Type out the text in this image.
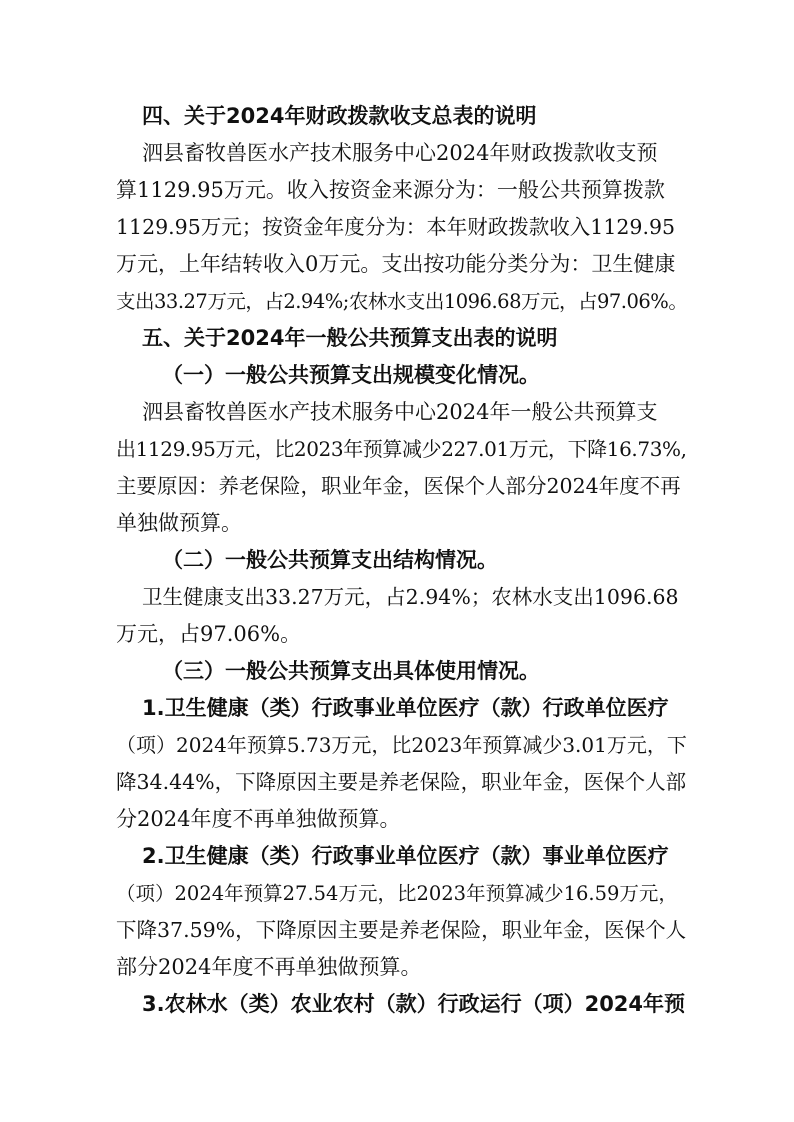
四、关于2024年财政拨款收支总表的说明
泗县畜牧兽医水产技术服务中心2024年财政拨款收支预
算1129.95万元。收入按资金来源分为：一般公共预算拨款
1129.95万元；按资金年度分为：本年财政拨款收入1129.95
万元，上年结转收入0万元。支出按功能分类分为：卫生健康
支出33.27万元，占2.94%;农林水支出1096.68万元，占97.06%。
五、关于2024年一般公共预算支出表的说明
（一）一般公共预算支出规模变化情况。
泗县畜牧兽医水产技术服务中心2024年一般公共预算支
出1129.95万元，比2023年预算减少227.01万元，下降16.73%,
主要原因：养老保险，职业年金，医保个人部分2024年度不再
单独做预算。
（二）一般公共预算支出结构情况。
卫生健康支出33.27万元，占2.94%；农林水支出1096.68
万元，占97.06%。
（三）一般公共预算支出具体使用情况。
1.卫生健康（类）行政事业单位医疗（款）行政单位医疗
（项）2024年预算5.73万元，比2023年预算减少3.01万元，下
降34.44%，下降原因主要是养老保险，职业年金，医保个人部
分2024年度不再单独做预算。
2.卫生健康（类）行政事业单位医疗（款）事业单位医疗
（项）2024年预算27.54万元，比2023年预算减少16.59万元，
下降37.59%，下降原因主要是养老保险，职业年金，医保个人
部分2024年度不再单独做预算。
3.农林水（类）农业农村（款）行政运行（项）2024年预
